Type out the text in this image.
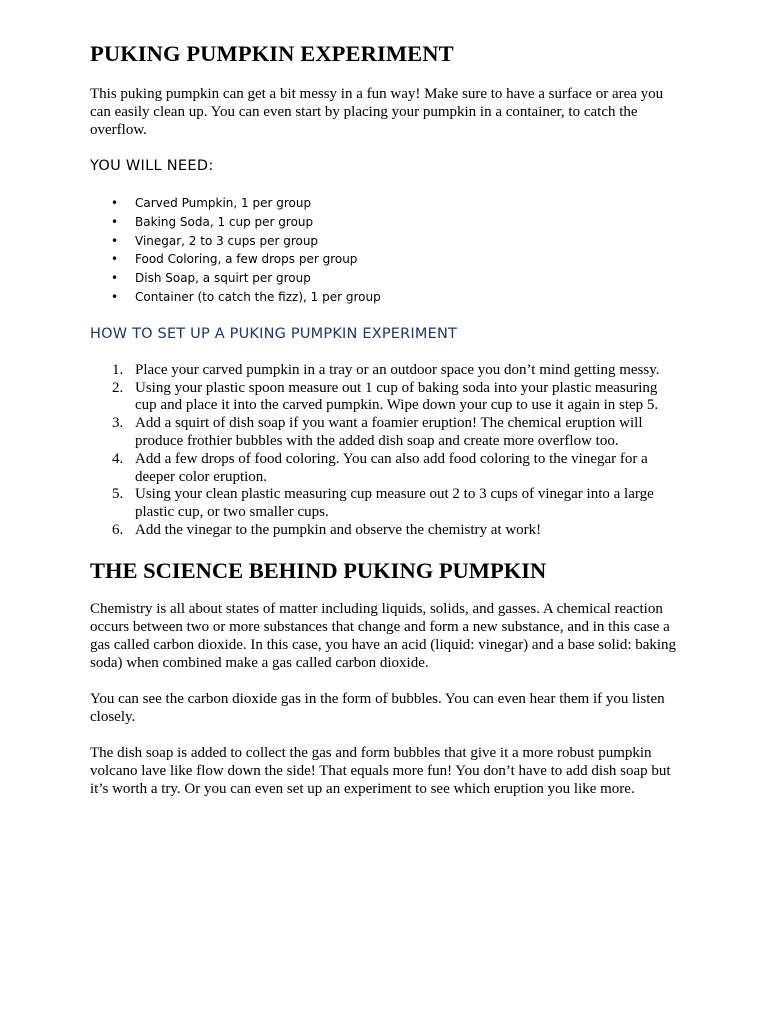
PUKING PUMPKIN EXPERIMENT

This puking pumpkin can get a bit messy in a fun way! Make sure to have a surface or area you can easily clean up. You can even start by placing your pumpkin in a container, to catch the overflow.

YOU WILL NEED:
• Carved Pumpkin, 1 per group
• Baking Soda, 1 cup per group
• Vinegar, 2 to 3 cups per group
• Food Coloring, a few drops per group
• Dish Soap, a squirt per group
• Container (to catch the fizz), 1 per group
HOW TO SET UP A PUKING PUMPKIN EXPERIMENT
1. Place your carved pumpkin in a tray or an outdoor space you don’t mind getting messy.
2. Using your plastic spoon measure out 1 cup of baking soda into your plastic measuring cup and place it into the carved pumpkin. Wipe down your cup to use it again in step 5.
3. Add a squirt of dish soap if you want a foamier eruption! The chemical eruption will produce frothier bubbles with the added dish soap and create more overflow too.
4. Add a few drops of food coloring. You can also add food coloring to the vinegar for a deeper color eruption.
5. Using your clean plastic measuring cup measure out 2 to 3 cups of vinegar into a large plastic cup, or two smaller cups.
6. Add the vinegar to the pumpkin and observe the chemistry at work!
THE SCIENCE BEHIND PUKING PUMPKIN

Chemistry is all about states of matter including liquids, solids, and gasses. A chemical reaction occurs between two or more substances that change and form a new substance, and in this case a gas called carbon dioxide. In this case, you have an acid (liquid: vinegar) and a base solid: baking soda) when combined make a gas called carbon dioxide.

You can see the carbon dioxide gas in the form of bubbles. You can even hear them if you listen closely.

The dish soap is added to collect the gas and form bubbles that give it a more robust pumpkin volcano lave like flow down the side! That equals more fun! You don’t have to add dish soap but it’s worth a try. Or you can even set up an experiment to see which eruption you like more.
